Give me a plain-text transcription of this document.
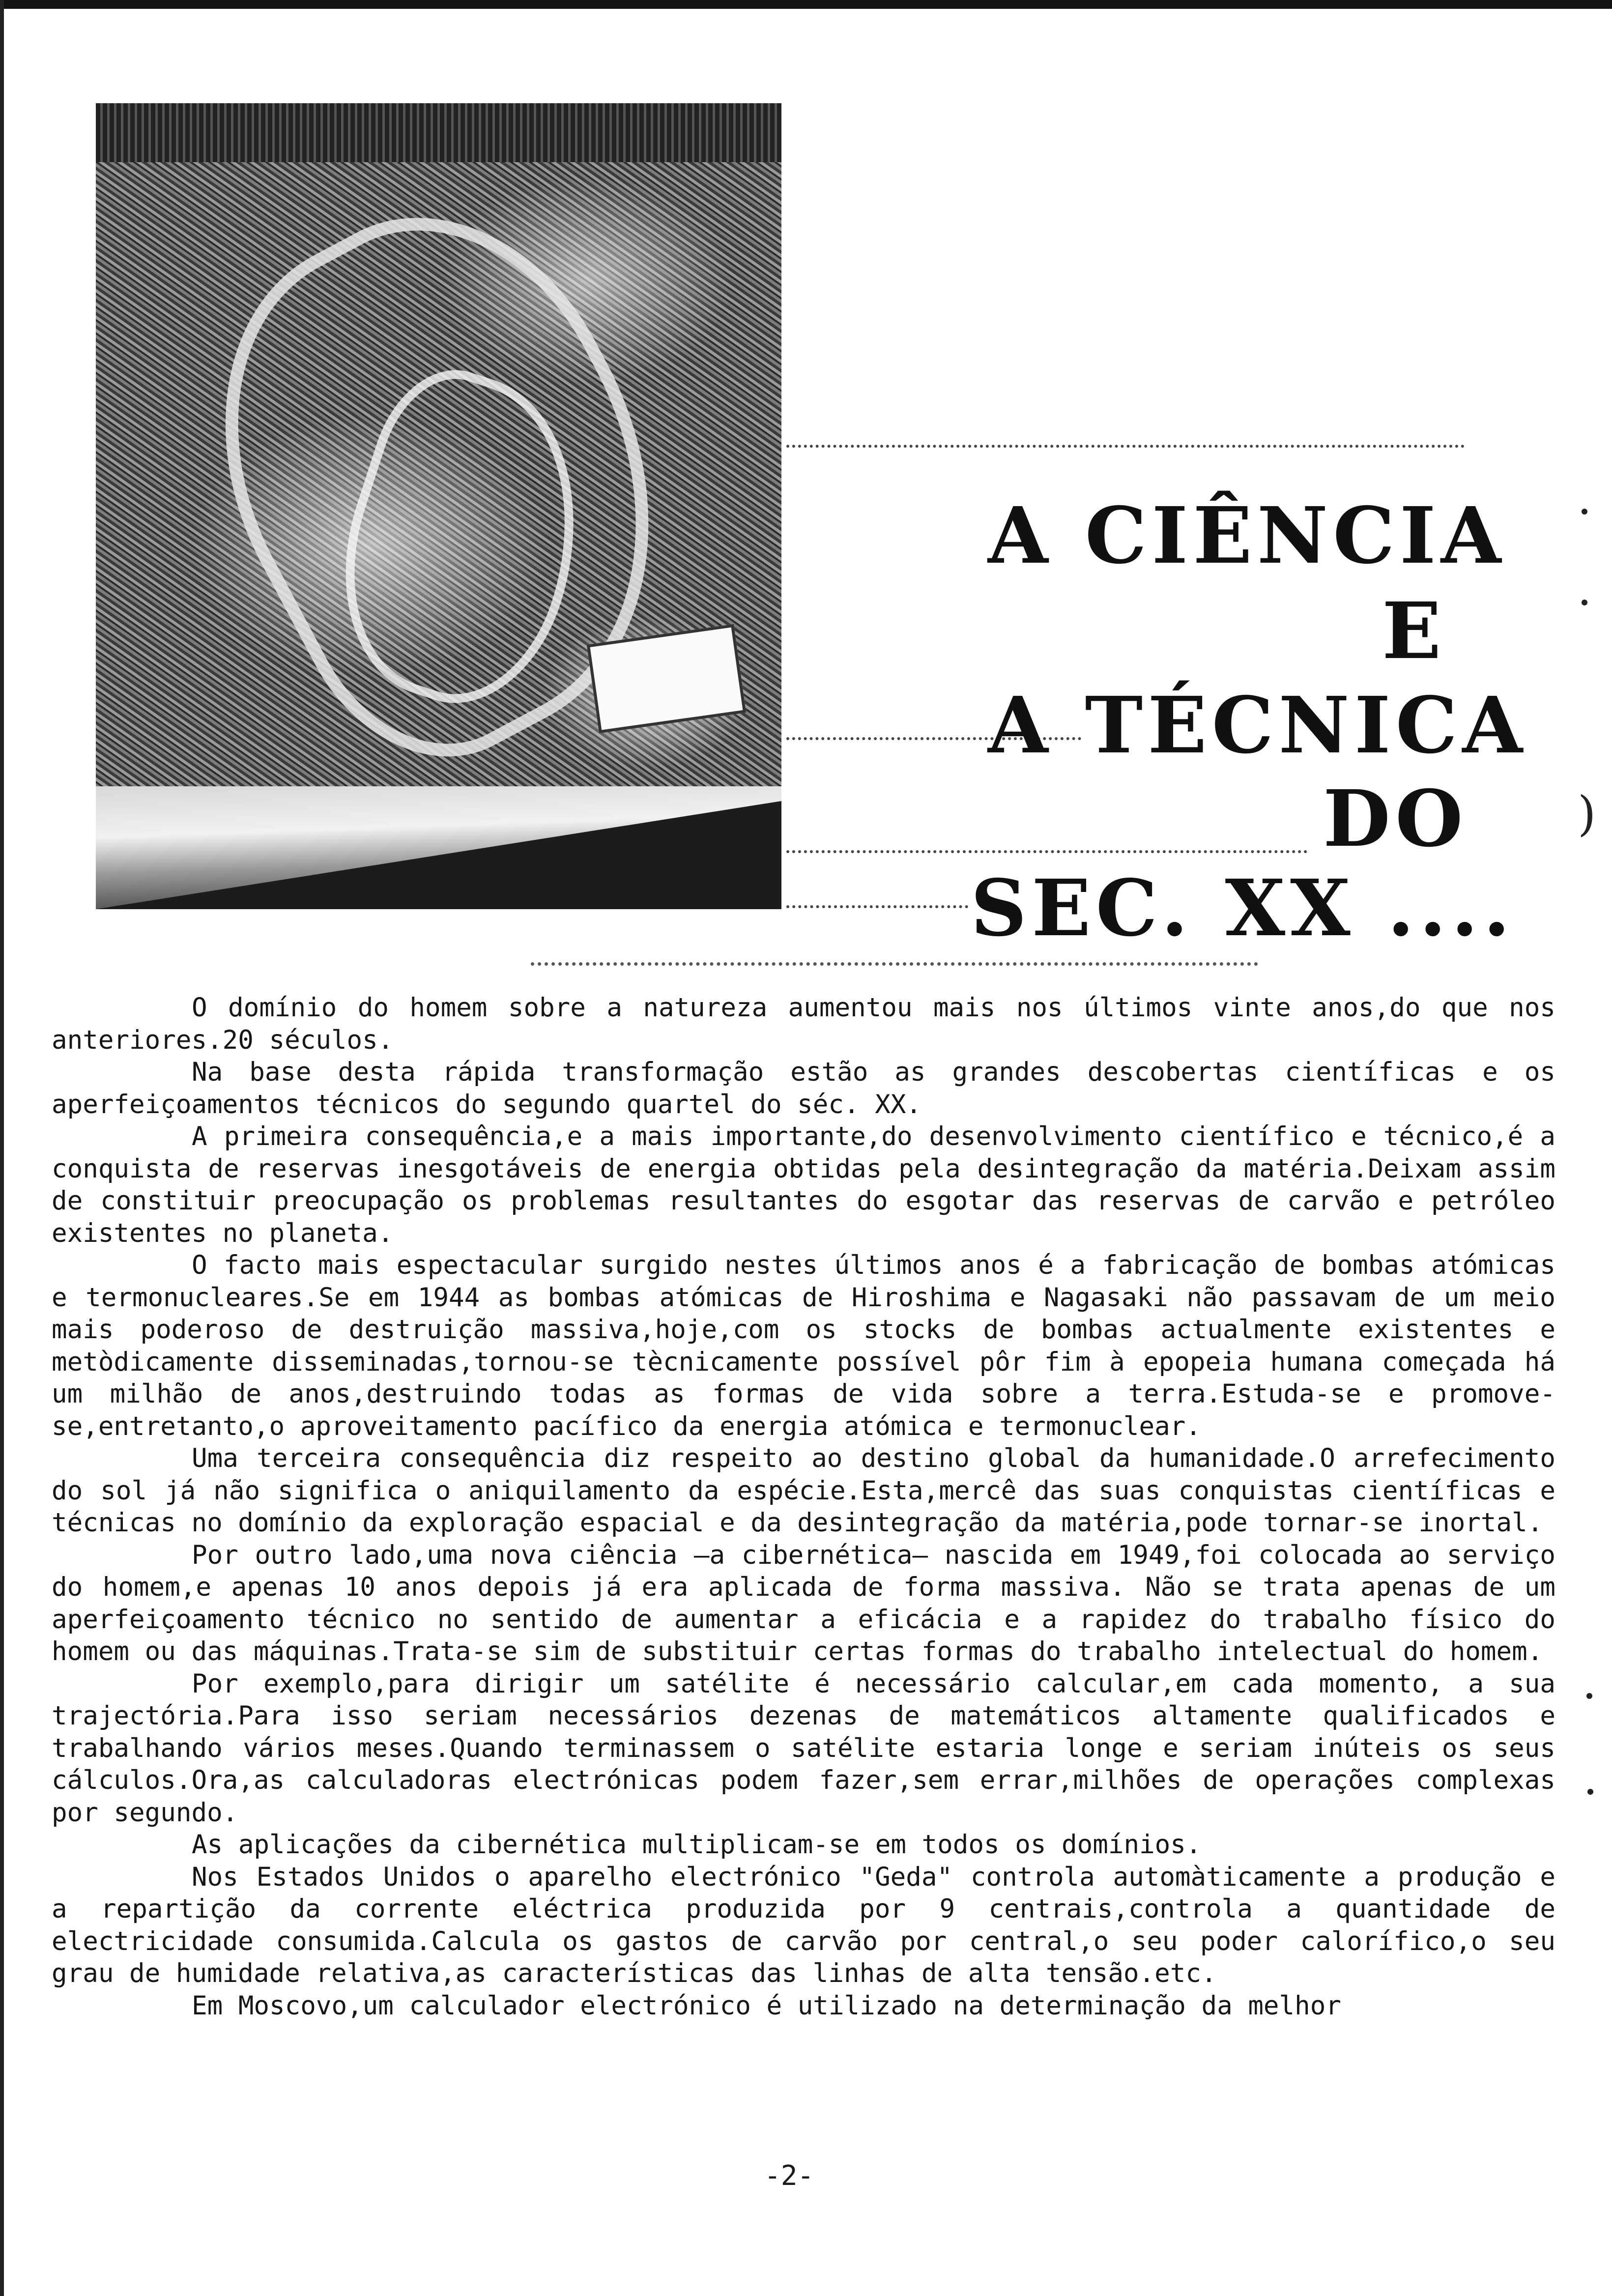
A CIÊNCIA
E
A TÉCNICA
DO
SEC. XX ....

O domínio do homem sobre a natureza aumentou mais nos últimos vinte anos,do que nos anteriores.20 séculos.

Na base desta rápida transformação estão as grandes descobertas científicas e os aperfeiçoamentos técnicos do segundo quartel do séc. XX.

A primeira consequência,e a mais importante,do desenvolvimento científico e técnico,é a conquista de reservas inesgotáveis de energia obtidas pela desintegração da matéria.Deixam assim de constituir preocupação os problemas resultantes do esgotar das reservas de carvão e petróleo existentes no planeta.

O facto mais espectacular surgido nestes últimos anos é a fabricação de bombas atómicas e termonucleares.Se em 1944 as bombas atómicas de Hiroshima e Nagasaki não passavam de um meio mais poderoso de destruição massiva,hoje,com os stocks de bombas actualmente existentes e metòdicamente disseminadas,tornou-se tècnicamente possível pôr fim à epopeia humana começada há um milhão de anos,destruindo todas as formas de vida sobre a terra.Estuda-se e promove-se,entretanto,o aproveitamento pacífico da energia atómica e termonuclear.

Uma terceira consequência diz respeito ao destino global da humanidade.O arrefecimento do sol já não significa o aniquilamento da espécie.Esta,mercê das suas conquistas científicas e técnicas no domínio da exploração espacial e da desintegração da matéria,pode tornar-se inortal.

Por outro lado,uma nova ciência —a cibernética— nascida em 1949,foi colocada ao serviço do homem,e apenas 10 anos depois já era aplicada de forma massiva. Não se trata apenas de um aperfeiçoamento técnico no sentido de aumentar a eficácia e a rapidez do trabalho físico do homem ou das máquinas.Trata-se sim de substituir certas formas do trabalho intelectual do homem.

Por exemplo,para dirigir um satélite é necessário calcular,em cada momento, a sua trajectória.Para isso seriam necessários dezenas de matemáticos altamente qualificados e trabalhando vários meses.Quando terminassem o satélite estaria longe e seriam inúteis os seus cálculos.Ora,as calculadoras electrónicas podem fazer,sem errar,milhões de operações complexas por segundo.

As aplicações da cibernética multiplicam-se em todos os domínios.

Nos Estados Unidos o aparelho electrónico "Geda" controla automàticamente a produção e a repartição da corrente eléctrica produzida por 9 centrais,controla a quantidade de electricidade consumida.Calcula os gastos de carvão por central,o seu poder calorífico,o seu grau de humidade relativa,as características das linhas de alta tensão.etc.

Em Moscovo,um calculador electrónico é utilizado na determinação da melhor

-2-
)
